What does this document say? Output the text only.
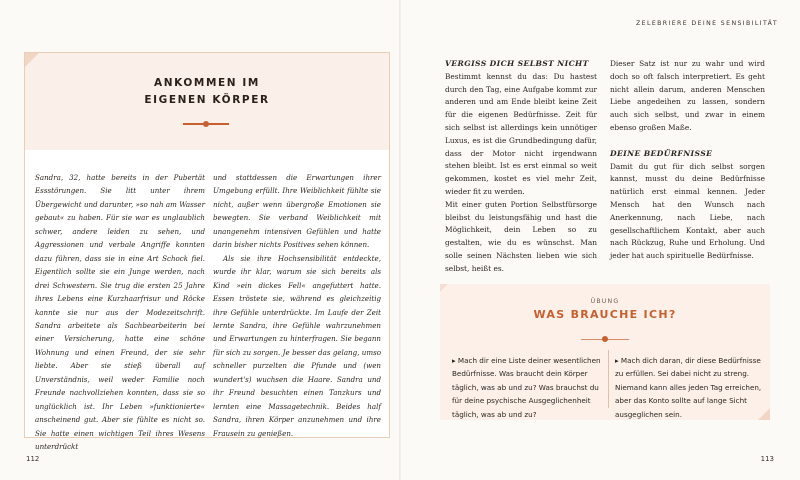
ZELEBRIERE DEINE SENSIBILITÄT
ANKOMMEN IM
EIGENEN KÖRPER

Sandra, 32, hatte bereits in der Pubertät Essstörungen. Sie litt unter ihrem Übergewicht und darunter, »so nah am Wasser gebaut« zu haben. Für sie war es unglaublich schwer, andere leiden zu sehen, und Aggressionen und verbale Angriffe konnten dazu führen, dass sie in eine Art Schock fiel. Eigentlich sollte sie ein Junge werden, nach drei Schwestern. Sie trug die ersten 25 Jahre ihres Lebens eine Kurzhaarfrisur und Röcke kannte sie nur aus der Modezeitschrift. Sandra arbeitete als Sachbearbeiterin bei einer Versicherung, hatte eine schöne Wohnung und einen Freund, der sie sehr liebte. Aber sie stieß überall auf Unverständnis, weil weder Familie noch Freunde nachvollziehen konnten, dass sie so unglücklich ist. Ihr Leben »funktionierte« anscheinend gut. Aber sie fühlte es nicht so. Sie hatte einen wichtigen Teil ihres Wesens unterdrückt

und stattdessen die Erwartungen ihrer Umgebung erfüllt. Ihre Weiblichkeit fühlte sie nicht, außer wenn übergroße Emotionen sie bewegten. Sie verband Weiblichkeit mit unangenehm intensiven Gefühlen und hatte darin bisher nichts Positives sehen können.

Als sie ihre Hochsensibilität entdeckte, wurde ihr klar, warum sie sich bereits als Kind »ein dickes Fell« angefuttert hatte. Essen tröstete sie, während es gleichzeitig ihre Gefühle unterdrückte. Im Laufe der Zeit lernte Sandra, ihre Gefühle wahrzunehmen und Erwartungen zu hinterfragen. Sie begann für sich zu sorgen. Je besser das gelang, umso schneller purzelten die Pfunde und (wen wundert's) wuchsen die Haare. Sandra und ihr Freund besuchten einen Tanzkurs und lernten eine Massagetechnik. Beides half Sandra, ihren Körper anzunehmen und ihre Frausein zu genießen.

VERGISS DICH SELBST NICHT

Bestimmt kennst du das: Du hastest durch den Tag, eine Aufgabe kommt zur anderen und am Ende bleibt keine Zeit für die eigenen Bedürfnisse. Zeit für sich selbst ist allerdings kein unnötiger Luxus, es ist die Grundbedingung dafür, dass der Motor nicht irgendwann stehen bleibt. Ist es erst einmal so weit gekommen, kostet es viel mehr Zeit, wieder fit zu werden.

Mit einer guten Portion Selbstfürsorge bleibst du leistungsfähig und hast die Möglichkeit, dein Leben so zu gestalten, wie du es wünschst. Man solle seinen Nächsten lieben wie sich selbst, heißt es.

Dieser Satz ist nur zu wahr und wird doch so oft falsch interpretiert. Es geht nicht allein darum, anderen Menschen Liebe angedeihen zu lassen, sondern auch sich selbst, und zwar in einem ebenso großen Maße.

DEINE BEDÜRFNISSE

Damit du gut für dich selbst sorgen kannst, musst du deine Bedürfnisse natürlich erst einmal kennen. Jeder Mensch hat den Wunsch nach Anerkennung, nach Liebe, nach gesellschaftlichem Kontakt, aber auch nach Rückzug, Ruhe und Erholung. Und jeder hat auch spirituelle Bedürfnisse.

ÜBUNG
WAS BRAUCHE ICH?
▸ Mach dir eine Liste deiner wesentlichen Bedürfnisse. Was braucht dein Körper täglich, was ab und zu? Was brauchst du für deine psychische Ausgeglichenheit täglich, was ab und zu?
▸ Mach dich daran, dir diese Bedürfnisse zu erfüllen. Sei dabei nicht zu streng. Niemand kann alles jeden Tag erreichen, aber das Konto sollte auf lange Sicht ausgeglichen sein.
112	113
